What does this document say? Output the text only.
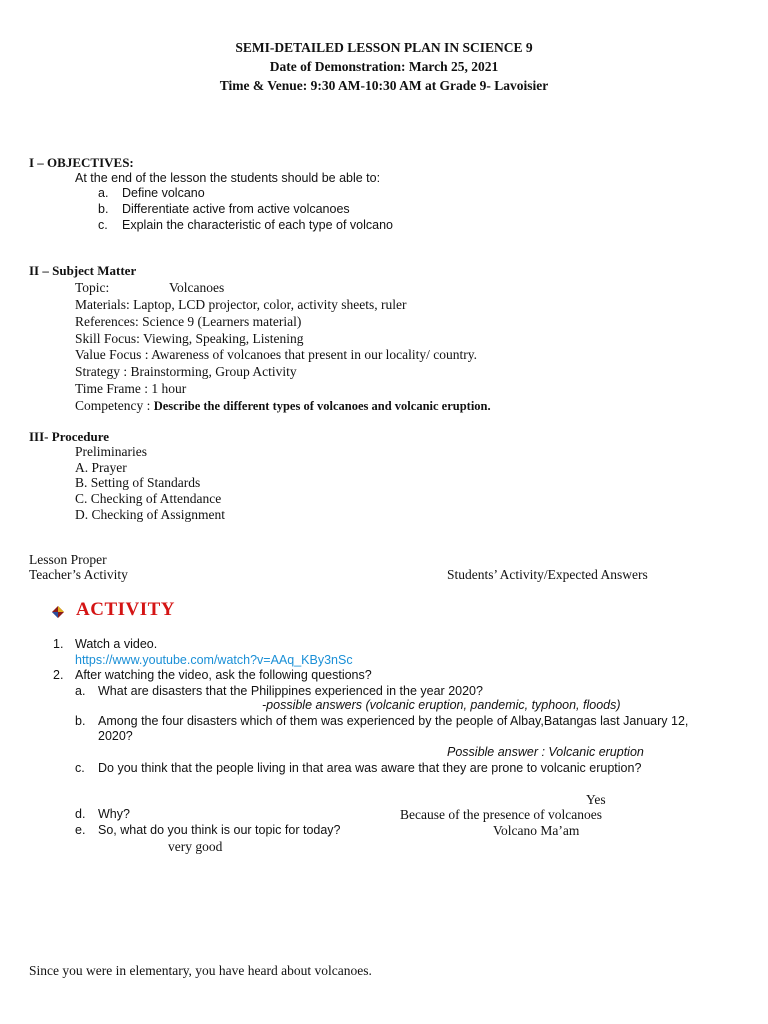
SEMI-DETAILED LESSON PLAN IN SCIENCE 9
Date of Demonstration: March 25, 2021
Time & Venue: 9:30 AM-10:30 AM at Grade 9- Lavoisier
I – OBJECTIVES:
At the end of the lesson the students should be able to:
a. Define volcano
b. Differentiate active from active volcanoes
c. Explain the characteristic of each type of volcano
II – Subject Matter
Topic:	Volcanoes
Materials: Laptop, LCD projector, color, activity sheets, ruler
References: Science 9 (Learners material)
Skill Focus: Viewing, Speaking, Listening
Value Focus : Awareness of volcanoes that present in our locality/ country.
Strategy : Brainstorming, Group Activity
Time Frame : 1 hour
Competency : Describe the different types of volcanoes and volcanic eruption.
III- Procedure
Preliminaries
A. Prayer
B. Setting of Standards
C. Checking of Attendance
D. Checking of Assignment
Lesson Proper
Teacher’s Activity	Students’ Activity/Expected Answers
ACTIVITY
1. Watch a video.
https://www.youtube.com/watch?v=AAq_KBy3nSc
2. After watching the video, ask the following questions?
a. What are disasters that the Philippines experienced in the year 2020?
-possible answers (volcanic eruption, pandemic, typhoon, floods)
b. Among the four disasters which of them was experienced by the people of Albay,Batangas last January 12,
2020?
Possible answer : Volcanic eruption
c. Do you think that the people living in that area was aware that they are prone to volcanic eruption?
Yes
d. Why?	Because of the presence of volcanoes
e. So, what do you think is our topic for today?	Volcano Ma’am
very good
Since you were in elementary, you have heard about volcanoes.
